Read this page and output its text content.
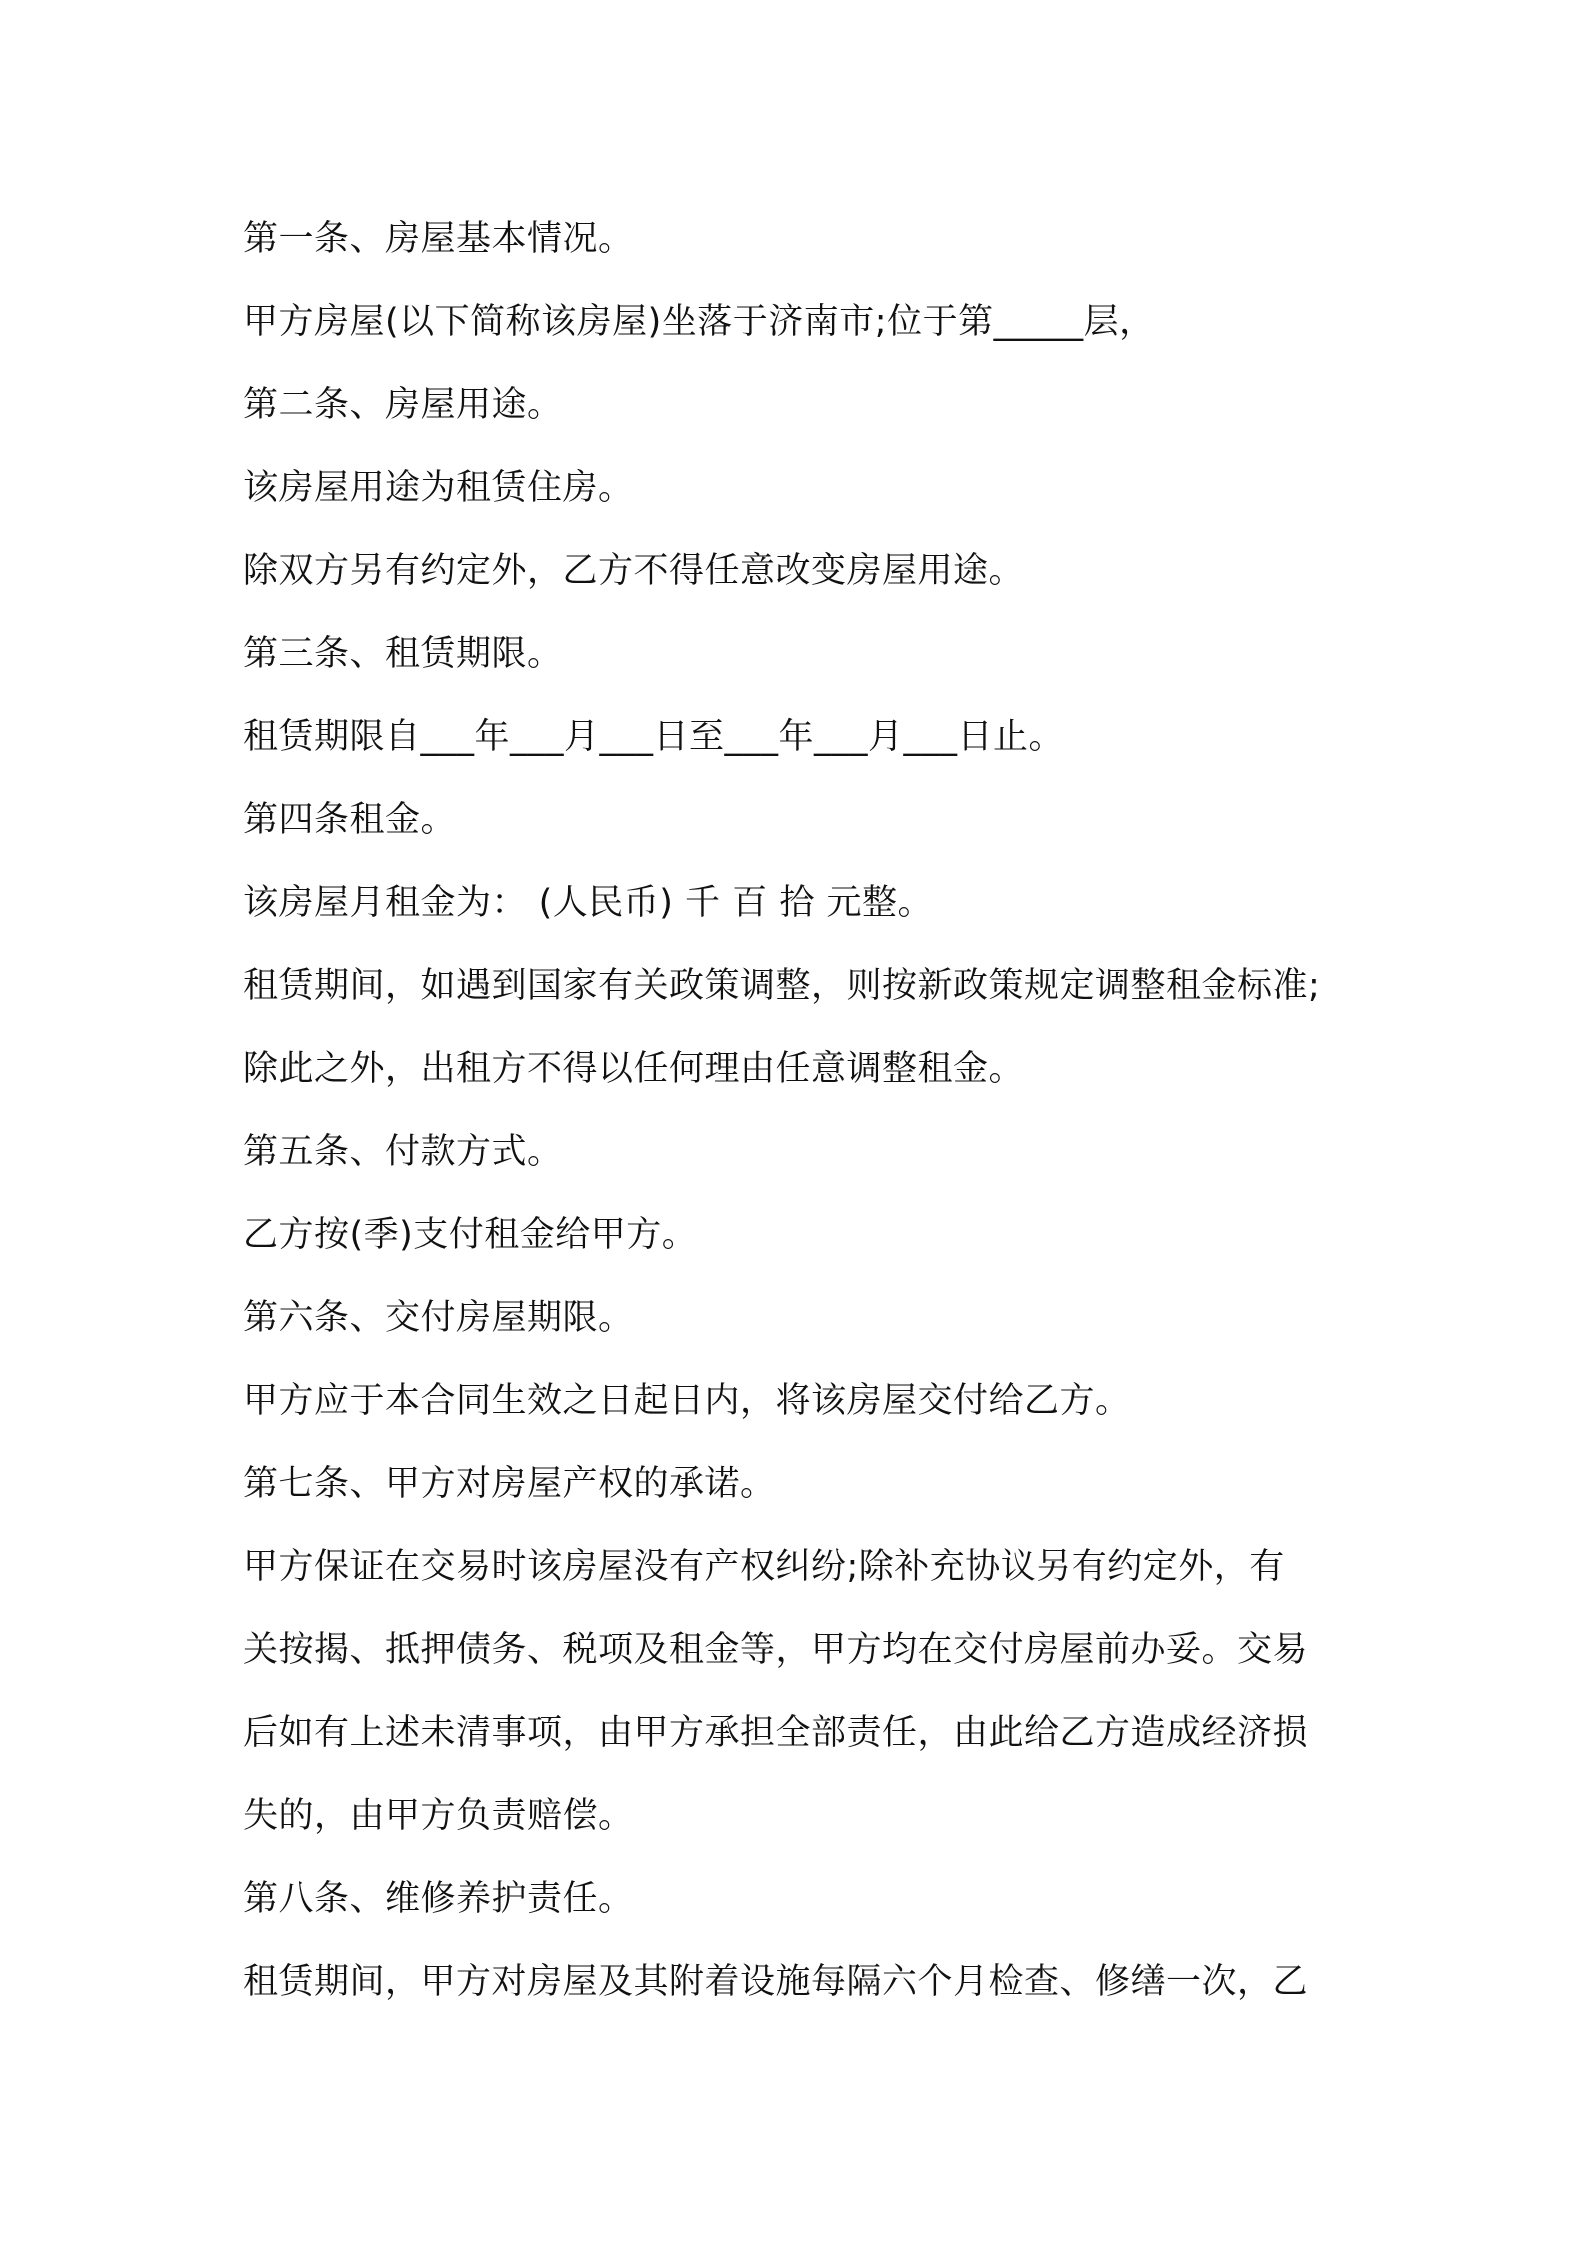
第一条、房屋基本情况。
甲方房屋(以下简称该房屋)坐落于济南市;位于第_____层，
第二条、房屋用途。
该房屋用途为租赁住房。
除双方另有约定外，乙方不得任意改变房屋用途。
第三条、租赁期限。
租赁期限自___年___月___日至___年___月___日止。
第四条租金。
该房屋月租金为： (人民币) 千 百 拾 元整。
租赁期间，如遇到国家有关政策调整，则按新政策规定调整租金标准;
除此之外，出租方不得以任何理由任意调整租金。
第五条、付款方式。
乙方按(季)支付租金给甲方。
第六条、交付房屋期限。
甲方应于本合同生效之日起日内，将该房屋交付给乙方。
第七条、甲方对房屋产权的承诺。
甲方保证在交易时该房屋没有产权纠纷;除补充协议另有约定外，有
关按揭、抵押债务、税项及租金等，甲方均在交付房屋前办妥。交易
后如有上述未清事项，由甲方承担全部责任，由此给乙方造成经济损
失的，由甲方负责赔偿。
第八条、维修养护责任。
租赁期间，甲方对房屋及其附着设施每隔六个月检查、修缮一次，乙
